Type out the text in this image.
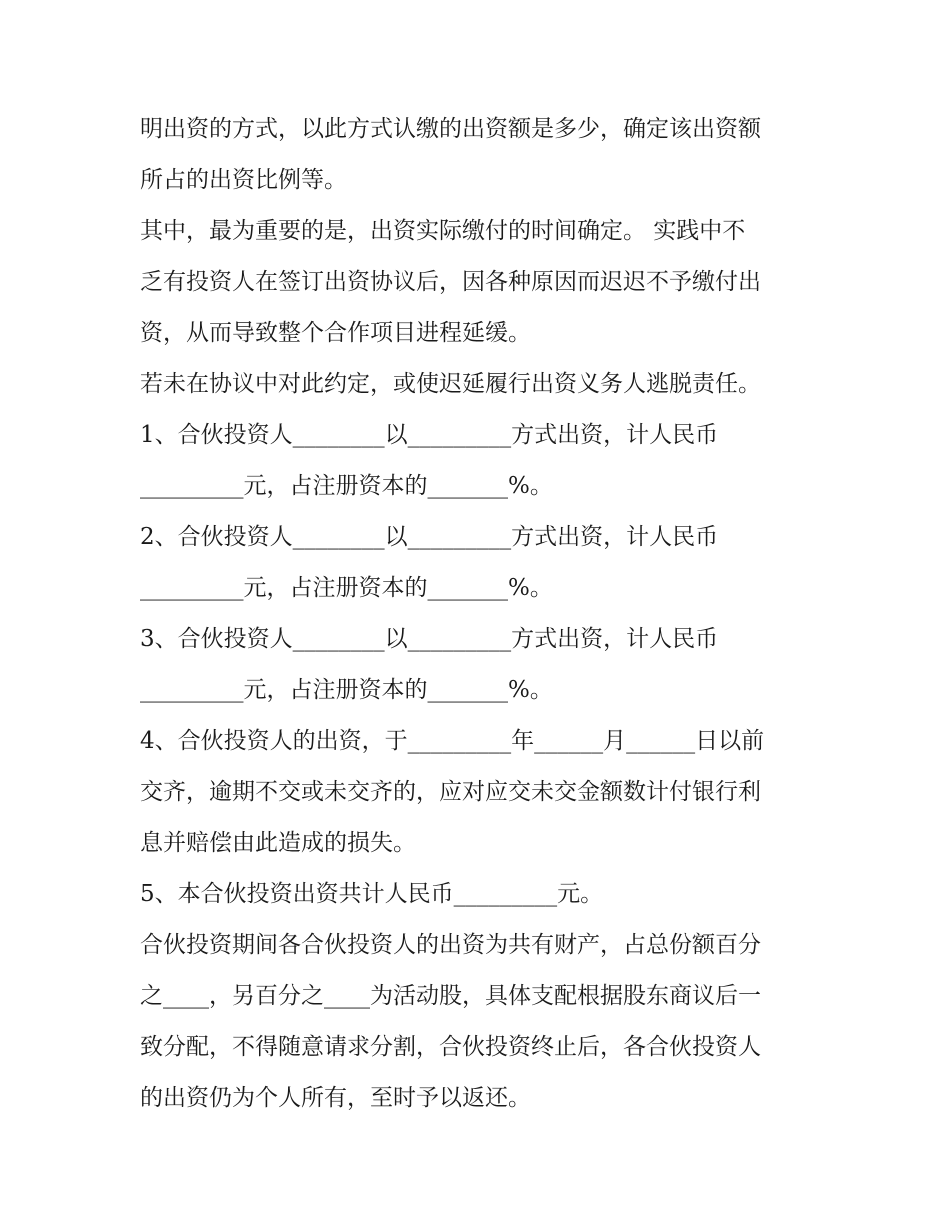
明出资的方式，以此方式认缴的出资额是多少，确定该出资额
所占的出资比例等。
其中，最为重要的是，出资实际缴付的时间确定。 实践中不
乏有投资人在签订出资协议后，因各种原因而迟迟不予缴付出
资，从而导致整个合作项目进程延缓。
若未在协议中对此约定，或使迟延履行出资义务人逃脱责任。
1、合伙投资人________以_________方式出资，计人民币
_________元，占注册资本的_______%。
2、合伙投资人________以_________方式出资，计人民币
_________元，占注册资本的_______%。
3、合伙投资人________以_________方式出资，计人民币
_________元，占注册资本的_______%。
4、合伙投资人的出资，于_________年______月______日以前
交齐，逾期不交或未交齐的，应对应交未交金额数计付银行利
息并赔偿由此造成的损失。
5、本合伙投资出资共计人民币_________元。
合伙投资期间各合伙投资人的出资为共有财产，占总份额百分
之____，另百分之____为活动股，具体支配根据股东商议后一
致分配，不得随意请求分割，合伙投资终止后，各合伙投资人
的出资仍为个人所有，至时予以返还。
